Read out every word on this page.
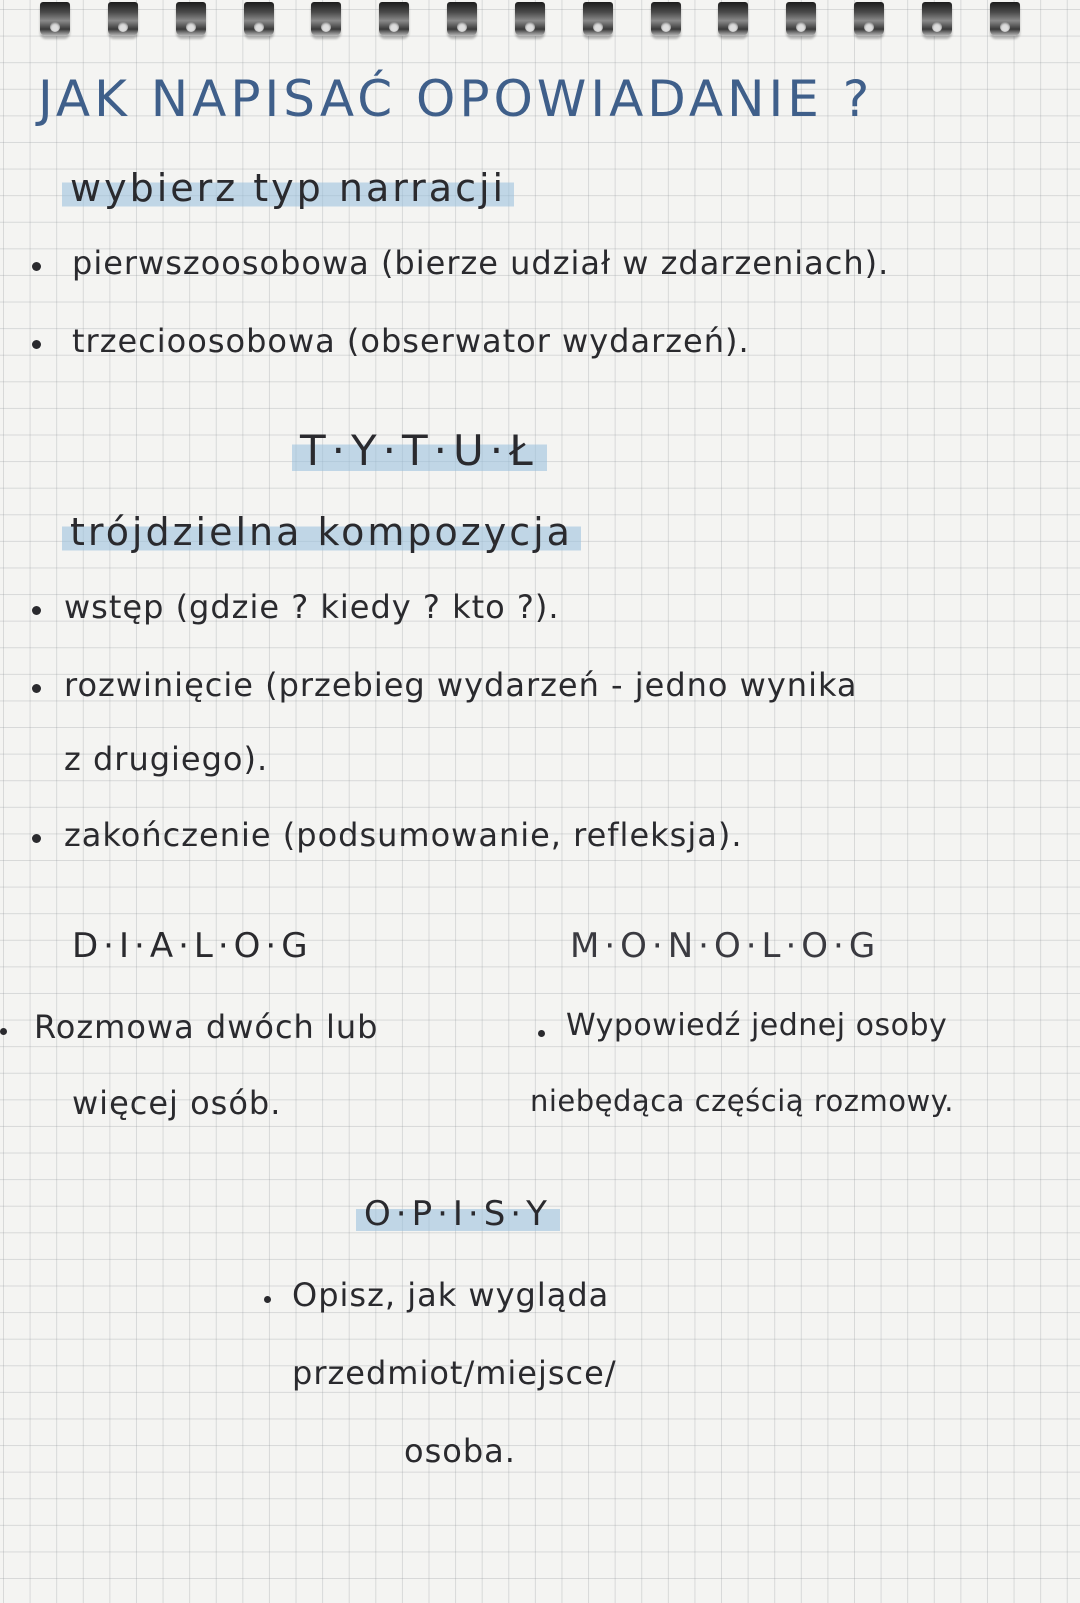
JAK NAPISAĆ OPOWIADANIE ?
wybierz typ narracji
pierwszoosobowa (bierze udział w zdarzeniach).
trzecioosobowa (obserwator wydarzeń).
T·Y·T·U·Ł
trójdzielna kompozycja
wstęp (gdzie ? kiedy ? kto ?).
rozwinięcie (przebieg wydarzeń - jedno wynika
z drugiego).
zakończenie (podsumowanie, refleksja).
D·I·A·L·O·G
Rozmowa dwóch lub
więcej osób.
M·O·N·O·L·O·G
Wypowiedź jednej osoby
niebędąca częścią rozmowy.
O·P·I·S·Y
Opisz, jak wygląda
przedmiot/miejsce/
osoba.
